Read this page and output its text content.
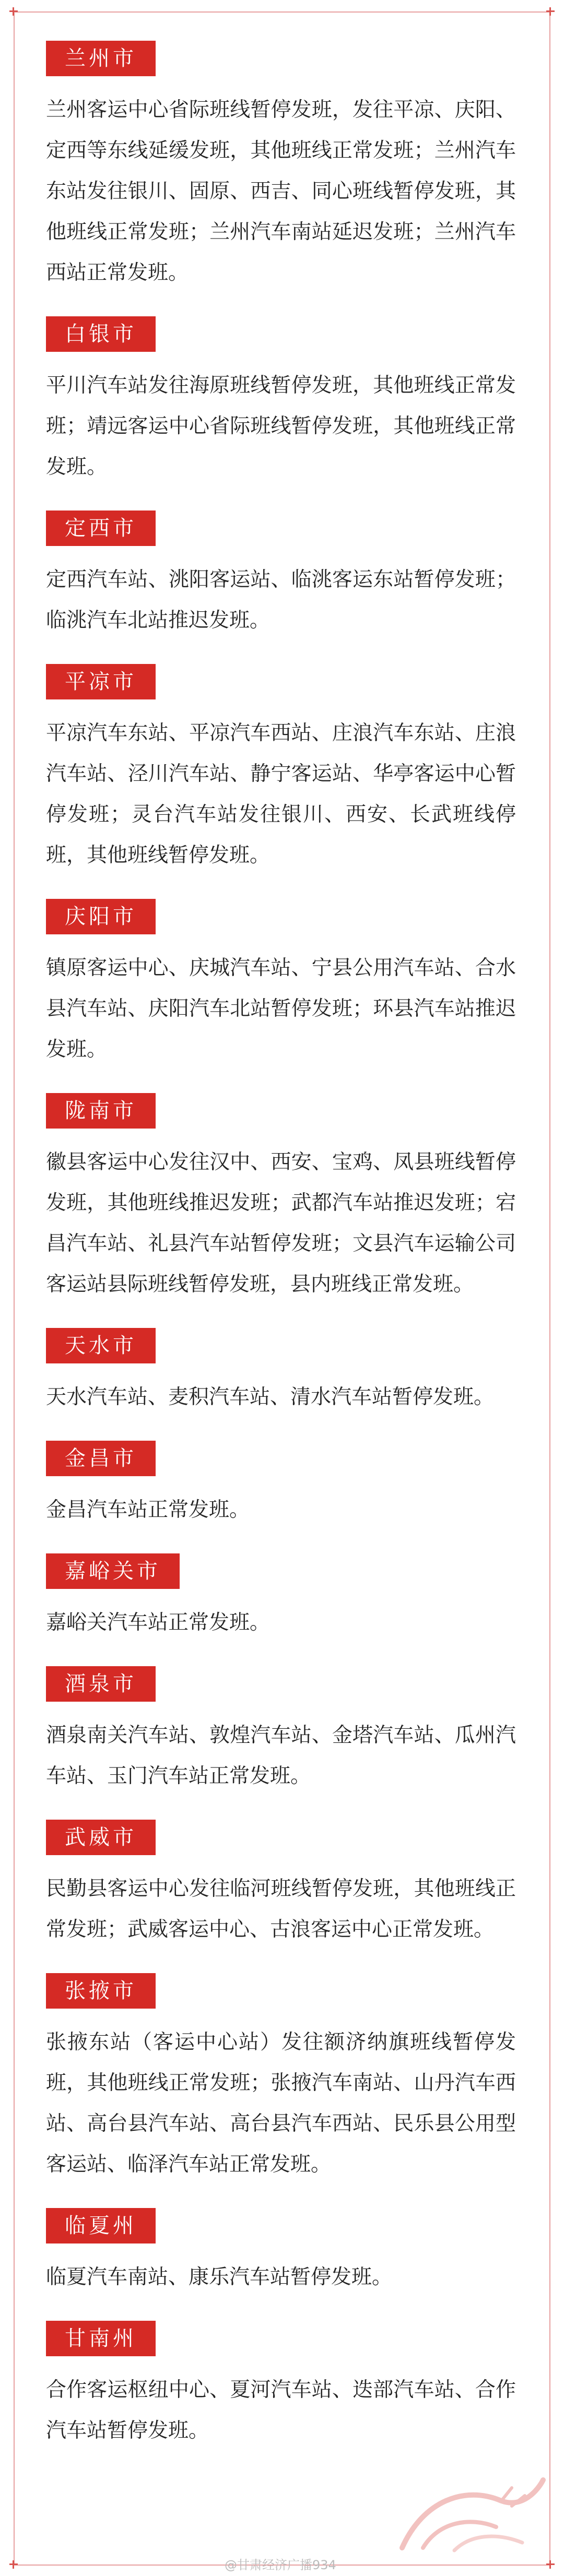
兰州市
兰州客运中心省际班线暂停发班，发往平凉、庆阳、定西等东线延缓发班，其他班线正常发班；兰州汽车东站发往银川、固原、西吉、同心班线暂停发班，其他班线正常发班；兰州汽车南站延迟发班；兰州汽车西站正常发班。
白银市
平川汽车站发往海原班线暂停发班，其他班线正常发班；靖远客运中心省际班线暂停发班，其他班线正常发班。
定西市
定西汽车站、洮阳客运站、临洮客运东站暂停发班；临洮汽车北站推迟发班。
平凉市
平凉汽车东站、平凉汽车西站、庄浪汽车东站、庄浪汽车站、泾川汽车站、静宁客运站、华亭客运中心暂停发班；灵台汽车站发往银川、西安、长武班线停班，其他班线暂停发班。
庆阳市
镇原客运中心、庆城汽车站、宁县公用汽车站、合水县汽车站、庆阳汽车北站暂停发班；环县汽车站推迟发班。
陇南市
徽县客运中心发往汉中、西安、宝鸡、凤县班线暂停发班，其他班线推迟发班；武都汽车站推迟发班；宕昌汽车站、礼县汽车站暂停发班；文县汽车运输公司客运站县际班线暂停发班，县内班线正常发班。
天水市
天水汽车站、麦积汽车站、清水汽车站暂停发班。
金昌市
金昌汽车站正常发班。
嘉峪关市
嘉峪关汽车站正常发班。
酒泉市
酒泉南关汽车站、敦煌汽车站、金塔汽车站、瓜州汽车站、玉门汽车站正常发班。
武威市
民勤县客运中心发往临河班线暂停发班，其他班线正常发班；武威客运中心、古浪客运中心正常发班。
张掖市
张掖东站（客运中心站）发往额济纳旗班线暂停发班，其他班线正常发班；张掖汽车南站、山丹汽车西站、高台县汽车站、高台县汽车西站、民乐县公用型客运站、临泽汽车站正常发班。
临夏州
临夏汽车南站、康乐汽车站暂停发班。
甘南州
合作客运枢纽中心、夏河汽车站、迭部汽车站、合作汽车站暂停发班。
@甘肃经济广播934
